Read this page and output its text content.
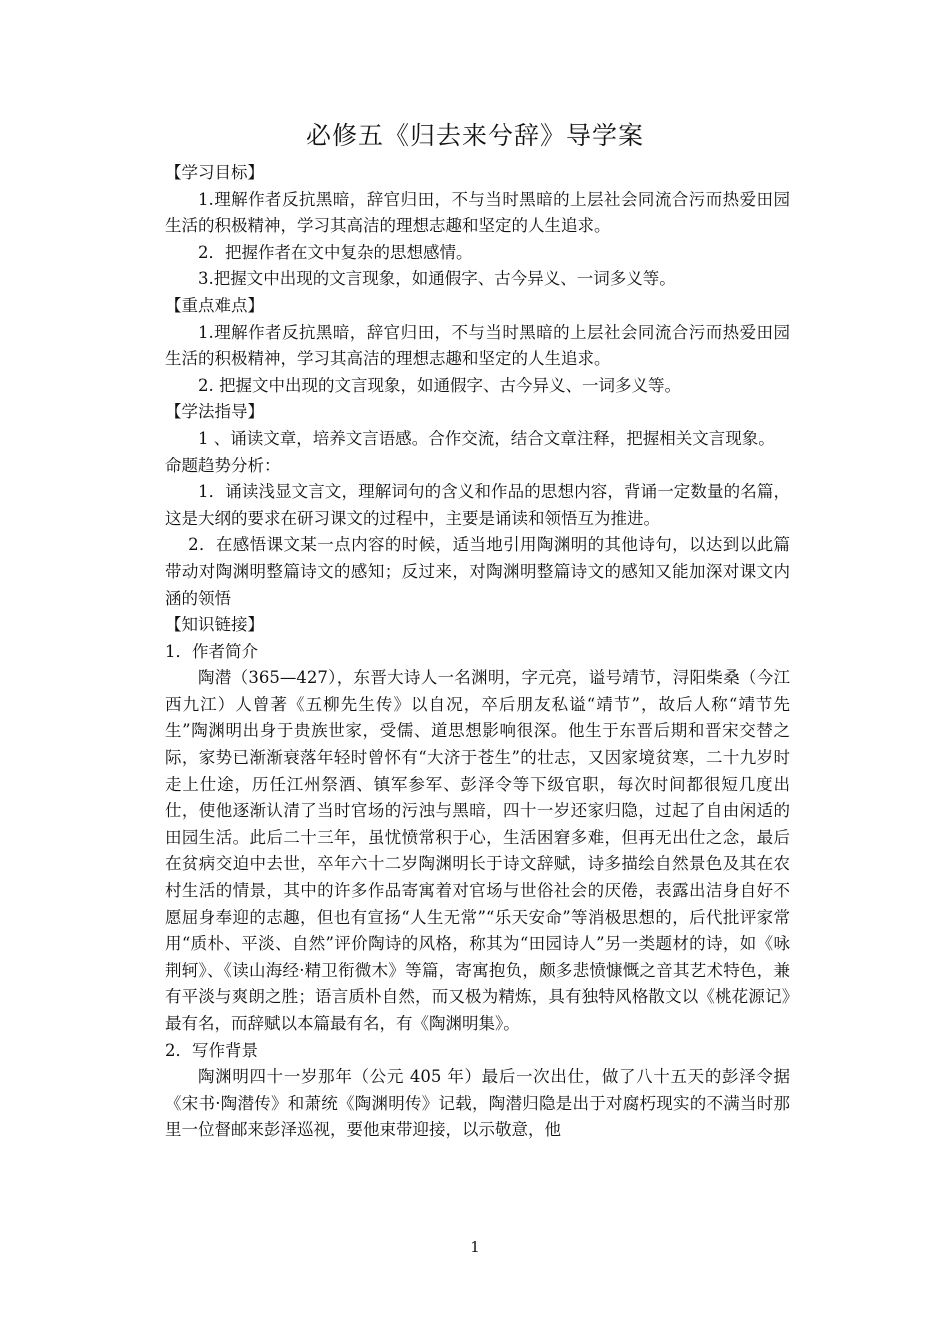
必修五《归去来兮辞》导学案

【学习目标】

1.理解作者反抗黑暗，辞官归田，不与当时黑暗的上层社会同流合污而热爱田园生活的积极精神，学习其高洁的理想志趣和坚定的人生追求。

2．把握作者在文中复杂的思想感情。

3.把握文中出现的文言现象，如通假字、古今异义、一词多义等。

【重点难点】

1.理解作者反抗黑暗，辞官归田，不与当时黑暗的上层社会同流合污而热爱田园生活的积极精神，学习其高洁的理想志趣和坚定的人生追求。

2. 把握文中出现的文言现象，如通假字、古今异义、一词多义等。

【学法指导】

1 、诵读文章，培养文言语感。合作交流，结合文章注释，把握相关文言现象。

命题趋势分析：

1．诵读浅显文言文，理解词句的含义和作品的思想内容，背诵一定数量的名篇，这是大纲的要求在研习课文的过程中，主要是诵读和领悟互为推进。

2．在感悟课文某一点内容的时候，适当地引用陶渊明的其他诗句，以达到以此篇带动对陶渊明整篇诗文的感知；反过来，对陶渊明整篇诗文的感知又能加深对课文内涵的领悟

【知识链接】

1．作者简介

陶潜（365—427），东晋大诗人一名渊明，字元亮，谥号靖节，浔阳柴桑（今江西九江）人曾著《五柳先生传》以自况，卒后朋友私谥“靖节”，故后人称“靖节先生”陶渊明出身于贵族世家，受儒、道思想影响很深。他生于东晋后期和晋宋交替之际，家势已渐渐衰落年轻时曾怀有“大济于苍生”的壮志，又因家境贫寒，二十九岁时走上仕途，历任江州祭酒、镇军参军、彭泽令等下级官职，每次时间都很短几度出仕，使他逐渐认清了当时官场的污浊与黑暗，四十一岁还家归隐，过起了自由闲适的田园生活。此后二十三年，虽忧愤常积于心，生活困窘多难，但再无出仕之念，最后在贫病交迫中去世，卒年六十二岁陶渊明长于诗文辞赋，诗多描绘自然景色及其在农村生活的情景，其中的许多作品寄寓着对官场与世俗社会的厌倦，表露出洁身自好不愿屈身奉迎的志趣，但也有宣扬“人生无常”“乐天安命”等消极思想的，后代批评家常用“质朴、平淡、自然”评价陶诗的风格，称其为“田园诗人”另一类题材的诗，如《咏荆轲》、《读山海经·精卫衔微木》等篇，寄寓抱负，颇多悲愤慷慨之音其艺术特色，兼有平淡与爽朗之胜；语言质朴自然，而又极为精炼，具有独特风格散文以《桃花源记》最有名，而辞赋以本篇最有名，有《陶渊明集》。

2．写作背景

陶渊明四十一岁那年（公元 405 年）最后一次出仕，做了八十五天的彭泽令据《宋书·陶潜传》和萧统《陶渊明传》记载，陶潜归隐是出于对腐朽现实的不满当时那里一位督邮来彭泽巡视，要他束带迎接，以示敬意，他

1
